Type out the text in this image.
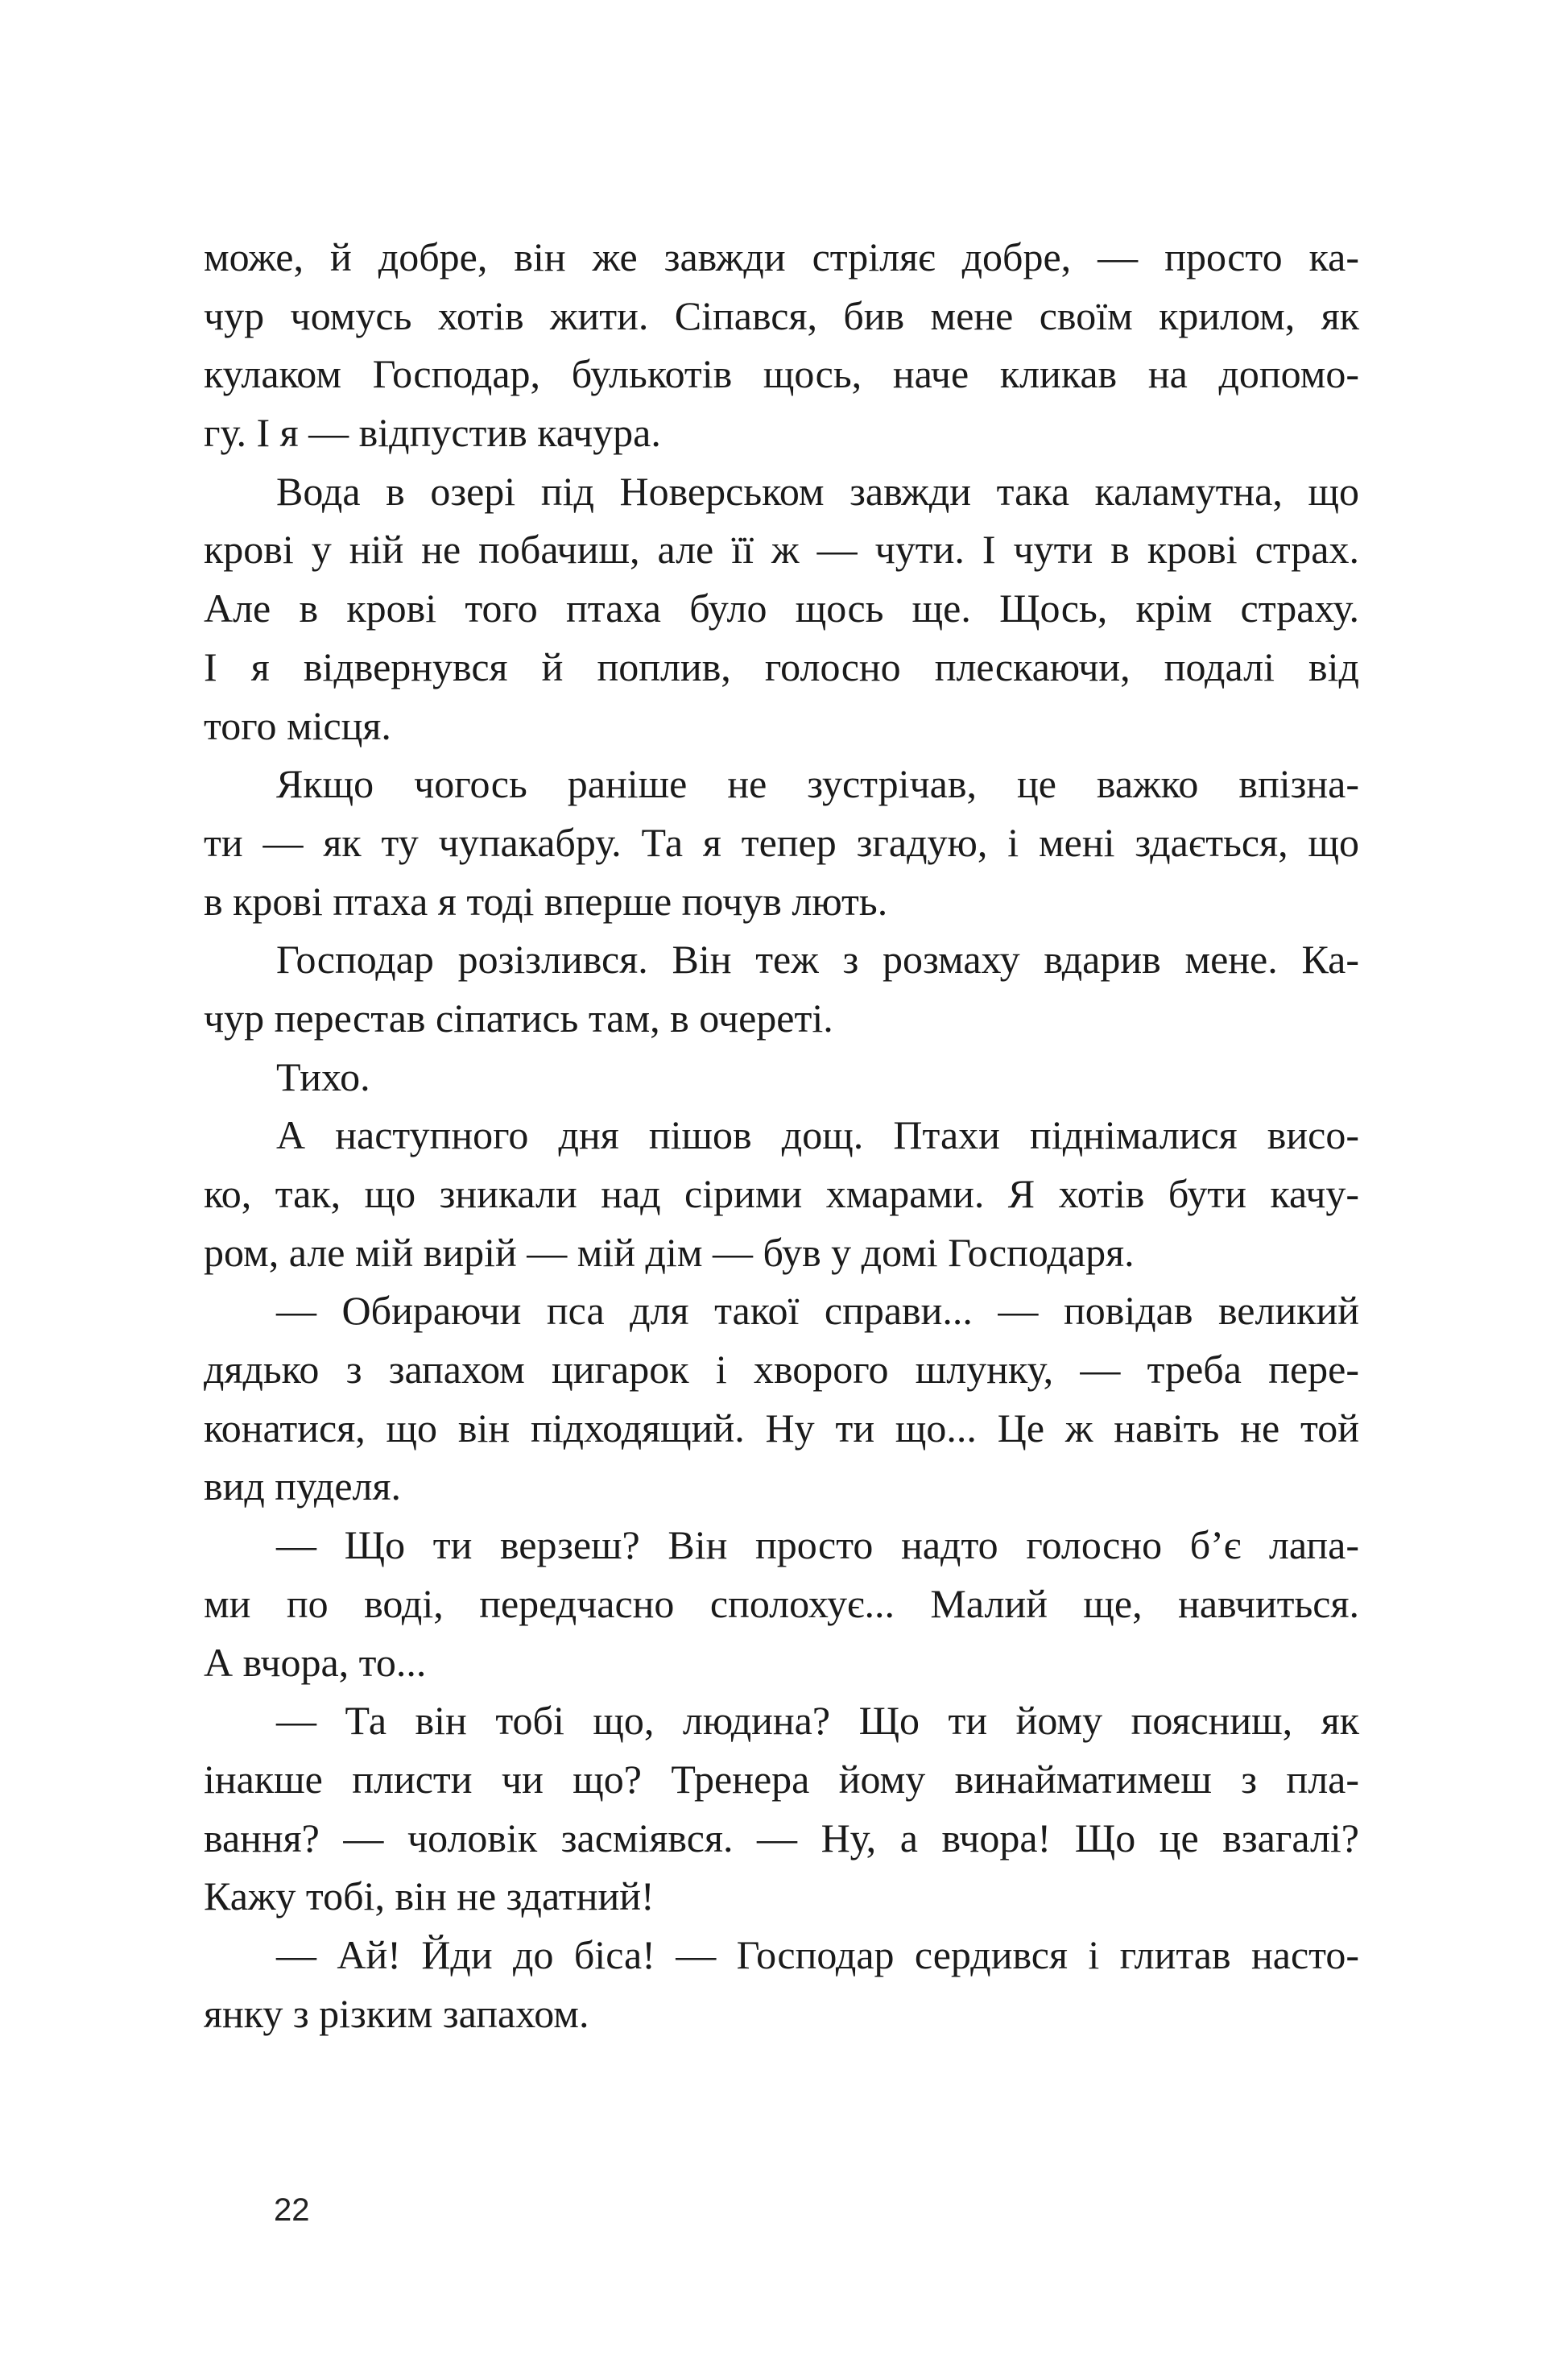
може, й добре, він же завжди стріляє добре, — просто ка-
чур чомусь хотів жити. Сіпався, бив мене своїм крилом, як
кулаком Господар, булькотів щось, наче кликав на допомо-
гу. І я — відпустив качура.
Вода в озері під Новерськом завжди така каламутна, що
крові у ній не побачиш, але її ж — чути. І чути в крові страх.
Але в крові того птаха було щось ще. Щось, крім страху.
І я відвернувся й поплив, голосно плескаючи, подалі від
того місця.
Якщо чогось раніше не зустрічав, це важко впізна-
ти — як ту чупакабру. Та я тепер згадую, і мені здається, що
в крові птаха я тоді вперше почув лють.
Господар розізлився. Він теж з розмаху вдарив мене. Ка-
чур перестав сіпатись там, в очереті.
Тихо.
А наступного дня пішов дощ. Птахи піднімалися висо-
ко, так, що зникали над сірими хмарами. Я хотів бути качу-
ром, але мій вирій — мій дім — був у домі Господаря.
— Обираючи пса для такої справи... — повідав великий
дядько з запахом цигарок і хворого шлунку, — треба пере-
конатися, що він підходящий. Ну ти що... Це ж навіть не той
вид пуделя.
— Що ти верзеш? Він просто надто голосно б’є лапа-
ми по воді, передчасно сполохує... Малий ще, навчиться.
А вчора, то...
— Та він тобі що, людина? Що ти йому поясниш, як
інакше плисти чи що? Тренера йому винайматимеш з пла-
вання? — чоловік засміявся. — Ну, а вчора! Що це взагалі?
Кажу тобі, він не здатний!
— Ай! Йди до біса! — Господар сердився і глитав насто-
янку з різким запахом.
22
